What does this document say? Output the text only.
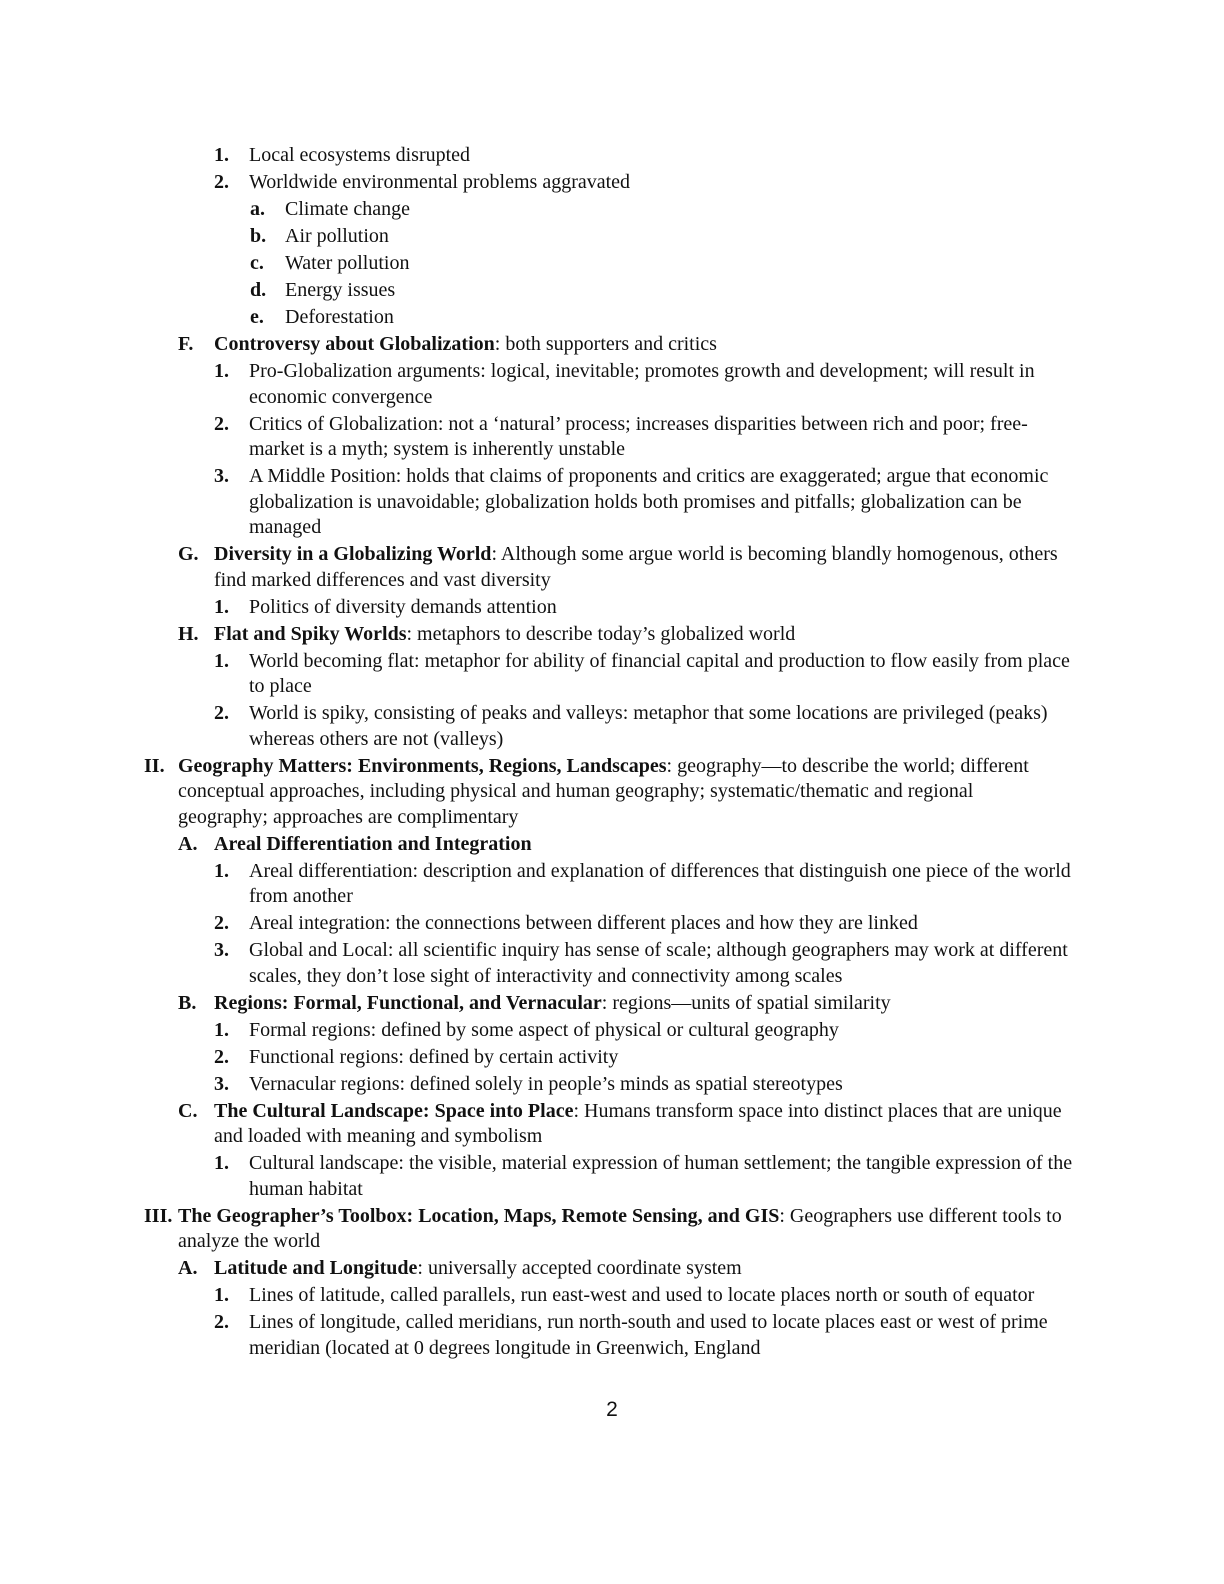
1.	Local ecosystems disrupted
2.	Worldwide environmental problems aggravated
a.	Climate change
b. Air pollution
c.	Water pollution
d. Energy issues
e.	Deforestation
F.	Controversy about Globalization: both supporters and critics
1.	Pro-Globalization arguments: logical, inevitable; promotes growth and development; will result in economic convergence
2.	Critics of Globalization: not a ‘natural’ process; increases disparities between rich and poor; free-market is a myth; system is inherently unstable
3.	A Middle Position: holds that claims of proponents and critics are exaggerated; argue that economic globalization is unavoidable; globalization holds both promises and pitfalls; globalization can be managed
G. Diversity in a Globalizing World: Although some argue world is becoming blandly homogenous, others find marked differences and vast diversity
1.	Politics of diversity demands attention
H. Flat and Spiky Worlds: metaphors to describe today’s globalized world
1.	World becoming flat: metaphor for ability of financial capital and production to flow easily from place to place
2.	World is spiky, consisting of peaks and valleys: metaphor that some locations are privileged (peaks) whereas others are not (valleys)
II. Geography Matters: Environments, Regions, Landscapes: geography—to describe the world; different conceptual approaches, including physical and human geography; systematic/thematic and regional geography; approaches are complimentary
A. Areal Differentiation and Integration
1.	Areal differentiation: description and explanation of differences that distinguish one piece of the world from another
2.	Areal integration: the connections between different places and how they are linked
3.	Global and Local: all scientific inquiry has sense of scale; although geographers may work at different scales, they don’t lose sight of interactivity and connectivity among scales
B. Regions: Formal, Functional, and Vernacular: regions—units of spatial similarity
1.	Formal regions: defined by some aspect of physical or cultural geography
2.	Functional regions: defined by certain activity
3.	Vernacular regions: defined solely in people’s minds as spatial stereotypes
C. The Cultural Landscape: Space into Place: Humans transform space into distinct places that are unique and loaded with meaning and symbolism
1.	Cultural landscape: the visible, material expression of human settlement; the tangible expression of the human habitat
III. The Geographer’s Toolbox: Location, Maps, Remote Sensing, and GIS: Geographers use different tools to analyze the world
A. Latitude and Longitude: universally accepted coordinate system
1.	Lines of latitude, called parallels, run east-west and used to locate places north or south of equator
2.	Lines of longitude, called meridians, run north-south and used to locate places east or west of prime meridian (located at 0 degrees longitude in Greenwich, England
2
